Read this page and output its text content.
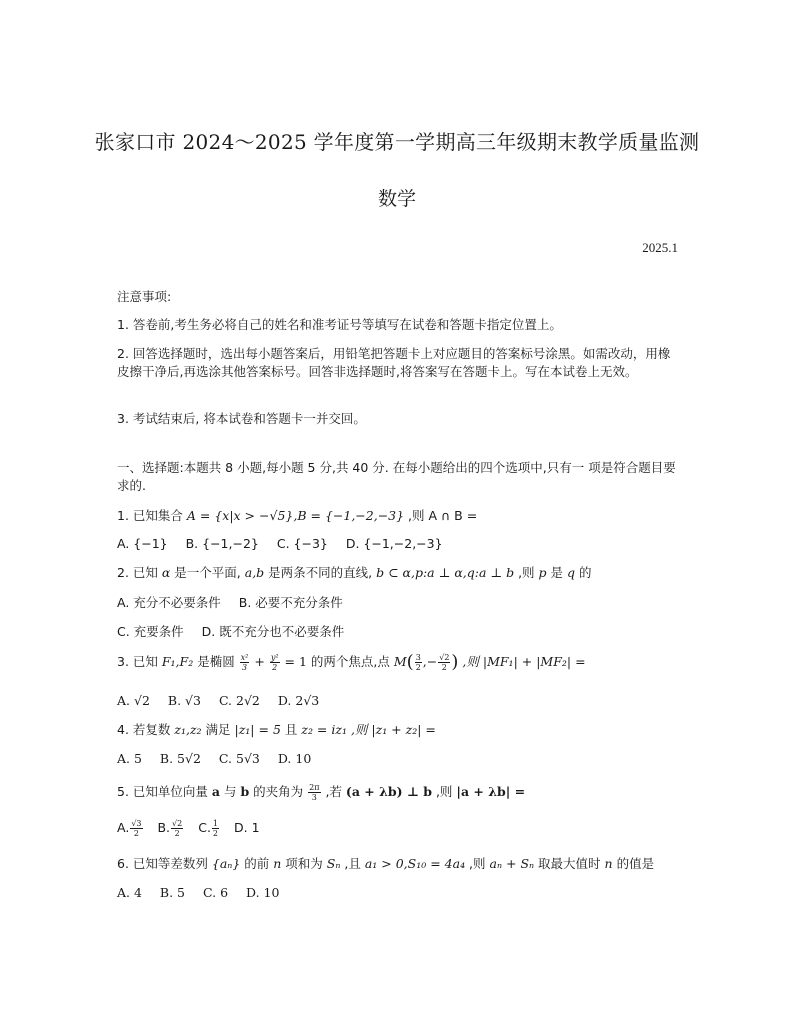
张家口市 2024～2025 学年度第一学期高三年级期末教学质量监测
数学
2025.1
注意事项:
1. 答卷前,考生务必将自己的姓名和准考证号等填写在试卷和答题卡指定位置上。
2. 回答选择题时，选出每小题答案后，用铅笔把答题卡上对应题目的答案标号涂黑。如需改动，用橡皮擦干净后,再选涂其他答案标号。回答非选择题时,将答案写在答题卡上。写在本试卷上无效。
3. 考试结束后, 将本试卷和答题卡一并交回。
一、选择题:本题共 8 小题,每小题 5 分,共 40 分. 在每小题给出的四个选项中,只有一 项是符合题目要求的.
1. 已知集合 A = {x|x > −√5},B = {−1,−2,−3} ,则 A ∩ B =
A. {−1} B. {−1,−2} C. {−3} D. {−1,−2,−3}
2. 已知 α 是一个平面, a,b 是两条不同的直线, b ⊂ α,p:a ⊥ α,q:a ⊥ b ,则 p 是 q 的
A. 充分不必要条件 B. 必要不充分条件
C. 充要条件 D. 既不充分也不必要条件
3. 已知 F₁,F₂ 是椭圆 $\frac{\text{x²}}{3} + \frac{\text{y²}}{2} = 1$ 的两个焦点,点 $M( \frac{3}{2}$ ,− $\frac{√2}{2}$ ) ,则 |MF₁| + |MF₂| =
A. √2 B. √3 C. 2√2 D. 2√3
4. 若复数 z₁,z₂ 满足 |z₁| = 5 且 z₂ = iz₁ ,则 |z₁ + z₂| =
A. 5 B. 5√2 C. 5√3 D. 10
5. 已知单位向量 a 与 b 的夹角为 $\frac{2\pi}{3}$ ,若 (a + λb) ⊥ b ,则 |a + λb| =
A. $\frac{√3}{2} B$. $\frac{√2}{2} C$. $\frac{1}{2} D$. 1
6. 已知等差数列 {aₙ} 的前 n 项和为 Sₙ ,且 a₁ > 0,S₁₀ = 4a₄ ,则 aₙ + Sₙ 取最大值时 n 的值是
A. 4 B. 5 C. 6 D. 10
